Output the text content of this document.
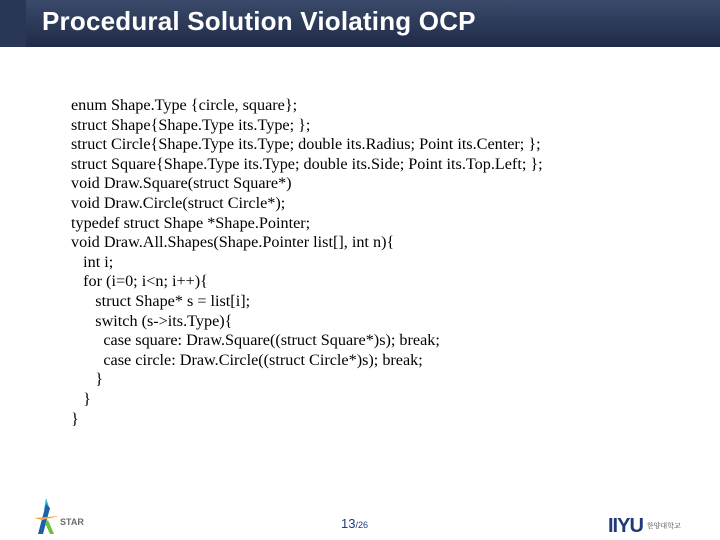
Procedural Solution Violating OCP
enum Shape.Type {circle, square};
struct Shape{Shape.Type its.Type; };
struct Circle{Shape.Type its.Type; double its.Radius; Point its.Center; };
struct Square{Shape.Type its.Type; double its.Side; Point its.Top.Left; };
void Draw.Square(struct Square*)
void Draw.Circle(struct Circle*);
typedef struct Shape *Shape.Pointer;
void Draw.All.Shapes(Shape.Pointer list[], int n){
int i;
for (i=0; i<n; i++){
struct Shape* s = list[i];
switch (s->its.Type){
case square: Draw.Square((struct Square*)s); break;
case circle: Draw.Circle((struct Circle*)s); break;
}
}
}
STAR	13/26	IIYU 한양대학교
